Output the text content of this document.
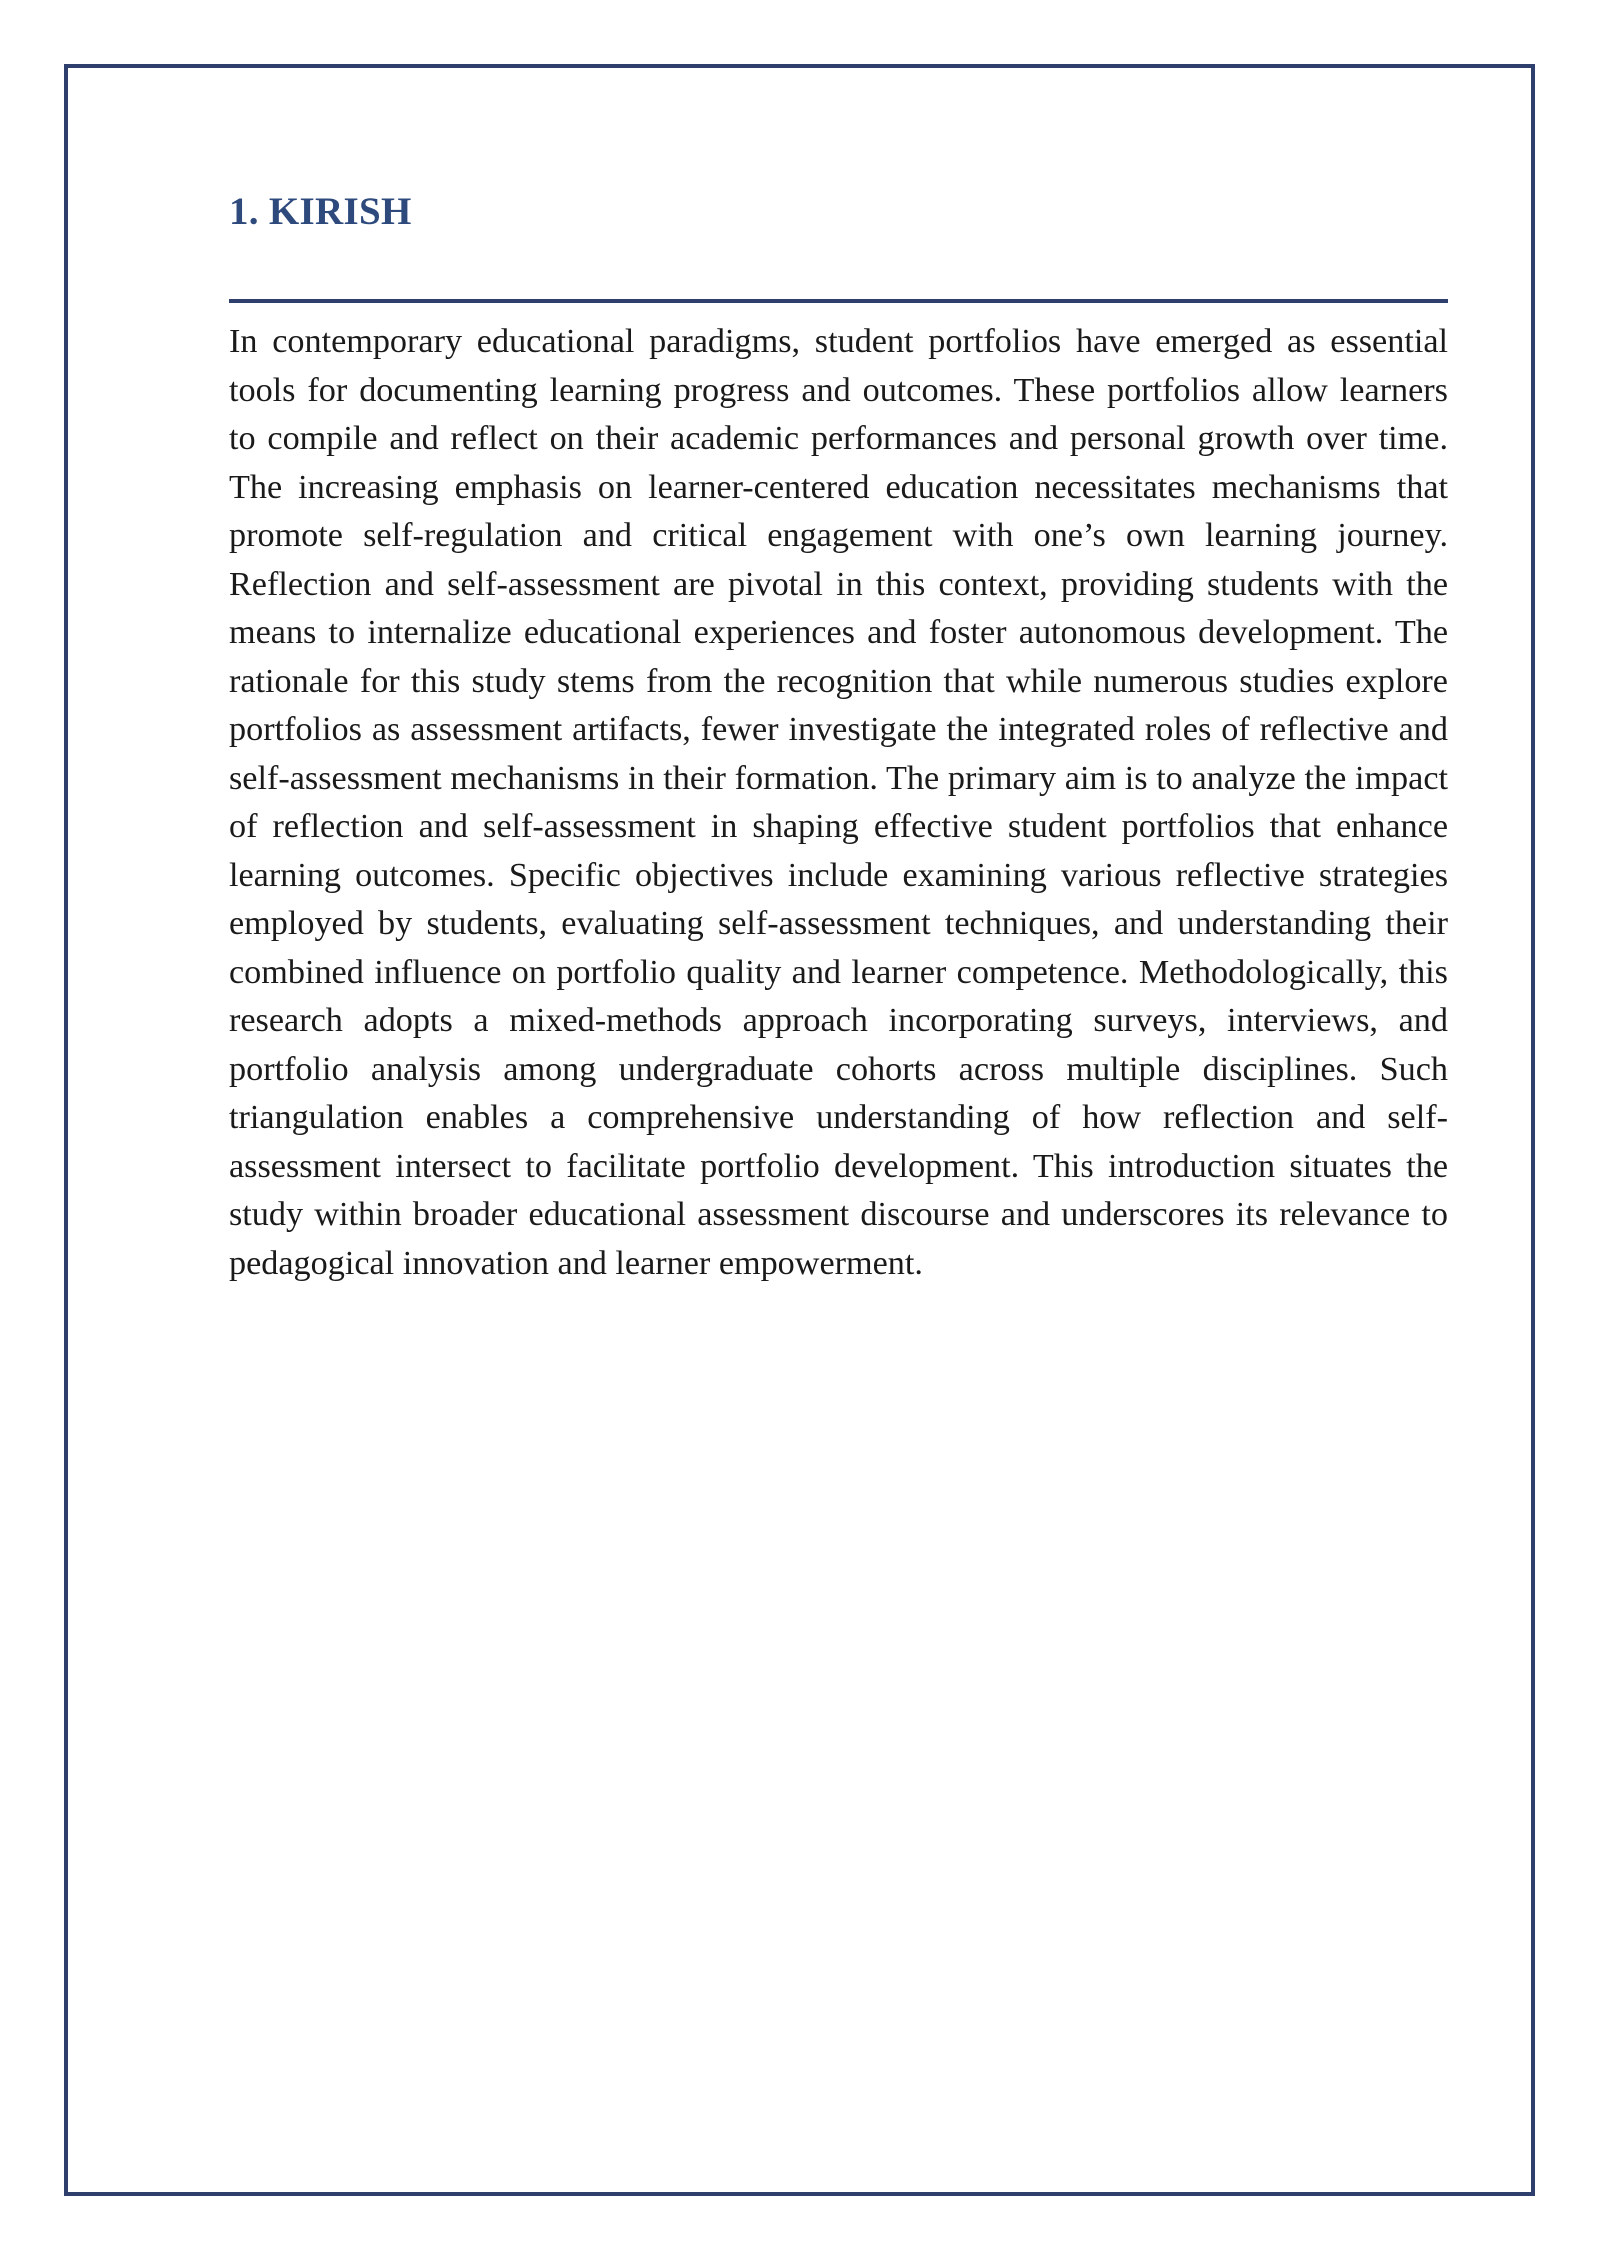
1. KIRISH

In contemporary educational paradigms, student portfolios have emerged as essential tools for documenting learning progress and outcomes. These portfolios allow learners to compile and reflect on their academic performances and personal growth over time. The increasing emphasis on learner-centered education necessitates mechanisms that promote self-regulation and critical engagement with one’s own learning journey. Reflection and self-assessment are pivotal in this context, providing students with the means to internalize educational experiences and foster autonomous development. The rationale for this study stems from the recognition that while numerous studies explore portfolios as assessment artifacts, fewer investigate the integrated roles of reflective and self-assessment mechanisms in their formation. The primary aim is to analyze the impact of reflection and self-assessment in shaping effective student portfolios that enhance learning outcomes. Specific objectives include examining various reflective strategies employed by students, evaluating self-assessment techniques, and understanding their combined influence on portfolio quality and learner competence. Methodologically, this research adopts a mixed-methods approach incorporating surveys, interviews, and portfolio analysis among undergraduate cohorts across multiple disciplines. Such triangulation enables a comprehensive understanding of how reflection and self-assessment intersect to facilitate portfolio development. This introduction situates the study within broader educational assessment discourse and underscores its relevance to pedagogical innovation and learner empowerment.
